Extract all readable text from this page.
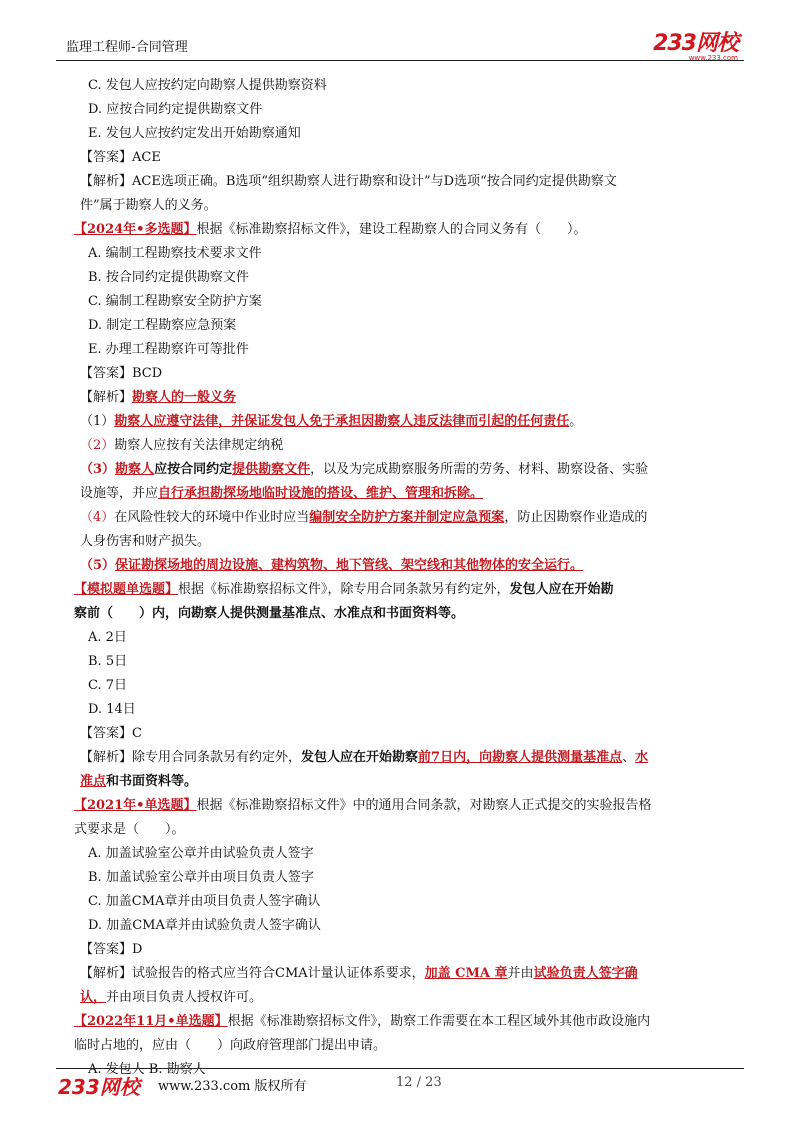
监理工程师-合同管理	233网校
www.233.com
C. 发包人应按约定向勘察人提供勘察资料
D. 应按合同约定提供勘察文件
E. 发包人应按约定发出开始勘察通知
【答案】ACE
【解析】ACE选项正确。B选项“组织勘察人进行勘察和设计”与D选项“按合同约定提供勘察文
件”属于勘察人的义务。
【2024年•多选题】根据《标准勘察招标文件》，建设工程勘察人的合同义务有（　　）。
A. 编制工程勘察技术要求文件
B. 按合同约定提供勘察文件
C. 编制工程勘察安全防护方案
D. 制定工程勘察应急预案
E. 办理工程勘察许可等批件
【答案】BCD
【解析】勘察人的一般义务
（1）勘察人应遵守法律，并保证发包人免于承担因勘察人违反法律而引起的任何责任。
（2）勘察人应按有关法律规定纳税
（3）勘察人应按合同约定提供勘察文件，以及为完成勘察服务所需的劳务、材料、勘察设备、实验
设施等，并应自行承担勘探场地临时设施的搭设、维护、管理和拆除。
（4）在风险性较大的环境中作业时应当编制安全防护方案并制定应急预案，防止因勘察作业造成的
人身伤害和财产损失。
（5）保证勘探场地的周边设施、建构筑物、地下管线、架空线和其他物体的安全运行。
【模拟题单选题】根据《标准勘察招标文件》，除专用合同条款另有约定外，发包人应在开始勘
察前（　　）内，向勘察人提供测量基准点、水准点和书面资料等。
A. 2日
B. 5日
C. 7日
D. 14日
【答案】C
【解析】除专用合同条款另有约定外，发包人应在开始勘察前7日内，向勘察人提供测量基准点、水
准点和书面资料等。
【2021年•单选题】根据《标准勘察招标文件》中的通用合同条款，对勘察人正式提交的实验报告格
式要求是（　　）。
A. 加盖试验室公章并由试验负责人签字
B. 加盖试验室公章并由项目负责人签字
C. 加盖CMA章并由项目负责人签字确认
D. 加盖CMA章并由试验负责人签字确认
【答案】D
【解析】试验报告的格式应当符合CMA计量认证体系要求，加盖 CMA 章并由试验负责人签字确
认，并由项目负责人授权许可。
【2022年11月•单选题】根据《标准勘察招标文件》，勘察工作需要在本工程区域外其他市政设施内
临时占地的，应由（　　）向政府管理部门提出申请。
A. 发包人 B. 勘察人
233网校 www.233.com 版权所有	12 / 23
